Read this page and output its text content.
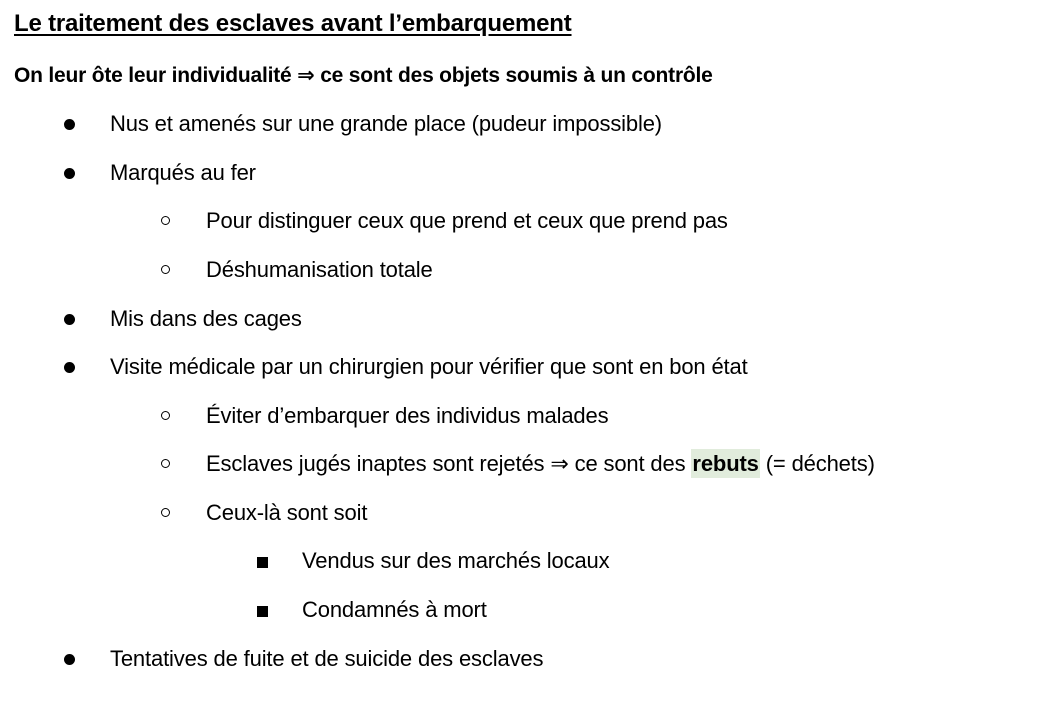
Le traitement des esclaves avant l’embarquement
On leur ôte leur individualité ⇒ ce sont des objets soumis à un contrôle
Nus et amenés sur une grande place (pudeur impossible)
Marqués au fer
Pour distinguer ceux que prend et ceux que prend pas
Déshumanisation totale
Mis dans des cages
Visite médicale par un chirurgien pour vérifier que sont en bon état
Éviter d’embarquer des individus malades
Esclaves jugés inaptes sont rejetés ⇒ ce sont des rebuts (= déchets)
Ceux-là sont soit
Vendus sur des marchés locaux
Condamnés à mort
Tentatives de fuite et de suicide des esclaves
